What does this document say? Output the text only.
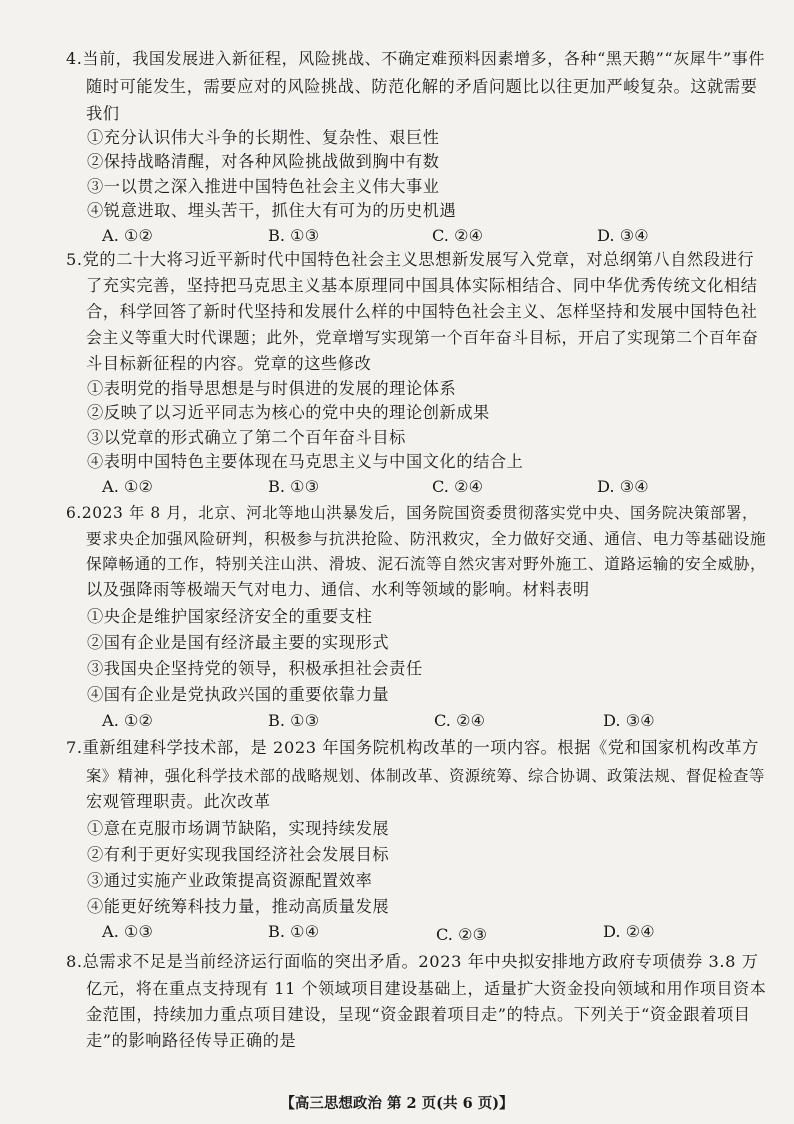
4.当前，我国发展进入新征程，风险挑战、不确定难预料因素增多，各种“黑天鹅”“灰犀牛”事件
随时可能发生，需要应对的风险挑战、防范化解的矛盾问题比以往更加严峻复杂。这就需要
我们
①充分认识伟大斗争的长期性、复杂性、艰巨性
②保持战略清醒，对各种风险挑战做到胸中有数
③一以贯之深入推进中国特色社会主义伟大事业
④锐意进取、埋头苦干，抓住大有可为的历史机遇
A. ①②	B. ①③	C. ②④	D. ③④
5.党的二十大将习近平新时代中国特色社会主义思想新发展写入党章，对总纲第八自然段进行
了充实完善，坚持把马克思主义基本原理同中国具体实际相结合、同中华优秀传统文化相结
合，科学回答了新时代坚持和发展什么样的中国特色社会主义、怎样坚持和发展中国特色社
会主义等重大时代课题；此外，党章增写实现第一个百年奋斗目标，开启了实现第二个百年奋
斗目标新征程的内容。党章的这些修改
①表明党的指导思想是与时俱进的发展的理论体系
②反映了以习近平同志为核心的党中央的理论创新成果
③以党章的形式确立了第二个百年奋斗目标
④表明中国特色主要体现在马克思主义与中国文化的结合上
A. ①②	B. ①③	C. ②④	D. ③④
6.2023 年 8 月，北京、河北等地山洪暴发后，国务院国资委贯彻落实党中央、国务院决策部署，
要求央企加强风险研判，积极参与抗洪抢险、防汛救灾，全力做好交通、通信、电力等基础设施
保障畅通的工作，特别关注山洪、滑坡、泥石流等自然灾害对野外施工、道路运输的安全威胁，
以及强降雨等极端天气对电力、通信、水利等领域的影响。材料表明
①央企是维护国家经济安全的重要支柱
②国有企业是国有经济最主要的实现形式
③我国央企坚持党的领导，积极承担社会责任
④国有企业是党执政兴国的重要依靠力量
A. ①②	B. ①③	C. ②④	D. ③④
7.重新组建科学技术部，是 2023 年国务院机构改革的一项内容。根据《党和国家机构改革方
案》精神，强化科学技术部的战略规划、体制改革、资源统筹、综合协调、政策法规、督促检查等
宏观管理职责。此次改革
①意在克服市场调节缺陷，实现持续发展
②有利于更好实现我国经济社会发展目标
③通过实施产业政策提高资源配置效率
④能更好统筹科技力量，推动高质量发展
A. ①③	B. ①④	C. ②③	D. ②④
8.总需求不足是当前经济运行面临的突出矛盾。2023 年中央拟安排地方政府专项债券 3.8 万
亿元，将在重点支持现有 11 个领域项目建设基础上，适量扩大资金投向领域和用作项目资本
金范围，持续加力重点项目建设，呈现“资金跟着项目走”的特点。下列关于“资金跟着项目
走”的影响路径传导正确的是
【高三思想政治 第 2 页(共 6 页)】
